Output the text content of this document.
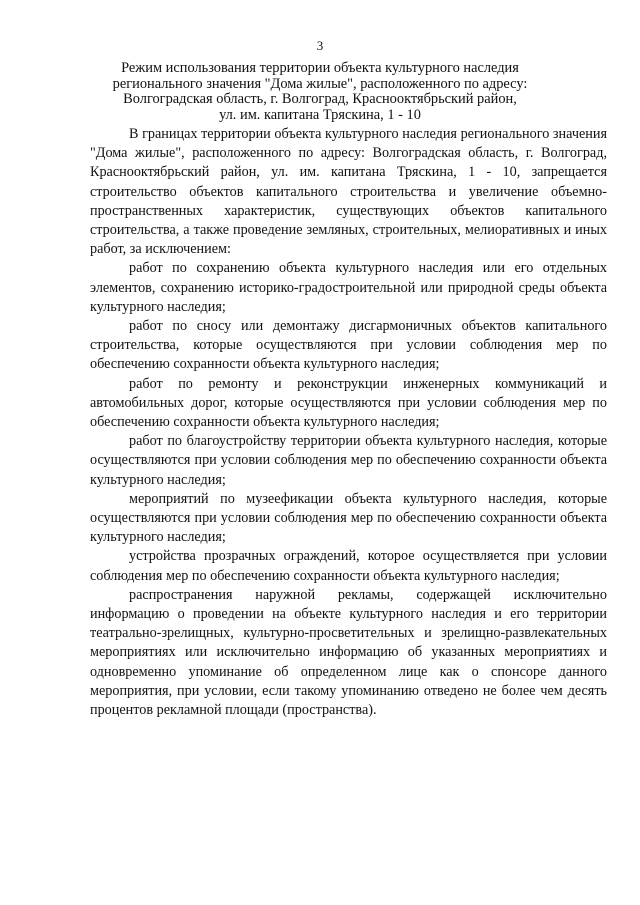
3
Режим использования территории объекта культурного наследия
регионального значения "Дома жилые", расположенного по адресу:
Волгоградская область, г. Волгоград, Краснооктябрьский район,
ул. им. капитана Тряскина, 1 - 10

В границах территории объекта культурного наследия регионального значения "Дома жилые", расположенного по адресу: Волгоградская область, г. Волгоград, Краснооктябрьский район, ул. им. капитана Тряскина, 1 - 10, запрещается строительство объектов капитального строительства и увеличение объемно-пространственных характеристик, существующих объектов капитального строительства, а также проведение земляных, строительных, мелиоративных и иных работ, за исключением:

работ по сохранению объекта культурного наследия или его отдельных элементов, сохранению историко-градостроительной или природной среды объекта культурного наследия;

работ по сносу или демонтажу дисгармоничных объектов капитального строительства, которые осуществляются при условии соблюдения мер по обеспечению сохранности объекта культурного наследия;

работ по ремонту и реконструкции инженерных коммуникаций и автомобильных дорог, которые осуществляются при условии соблюдения мер по обеспечению сохранности объекта культурного наследия;

работ по благоустройству территории объекта культурного наследия, которые осуществляются при условии соблюдения мер по обеспечению сохранности объекта культурного наследия;

мероприятий по музеефикации объекта культурного наследия, которые осуществляются при условии соблюдения мер по обеспечению сохранности объекта культурного наследия;

устройства прозрачных ограждений, которое осуществляется при условии соблюдения мер по обеспечению сохранности объекта культурного наследия;

распространения наружной рекламы, содержащей исключительно информацию о проведении на объекте культурного наследия и его территории театрально-зрелищных, культурно-просветительных и зрелищно-развлекательных мероприятиях или исключительно информацию об указанных мероприятиях и одновременно упоминание об определенном лице как о спонсоре данного мероприятия, при условии, если такому упоминанию отведено не более чем десять процентов рекламной площади (пространства).
